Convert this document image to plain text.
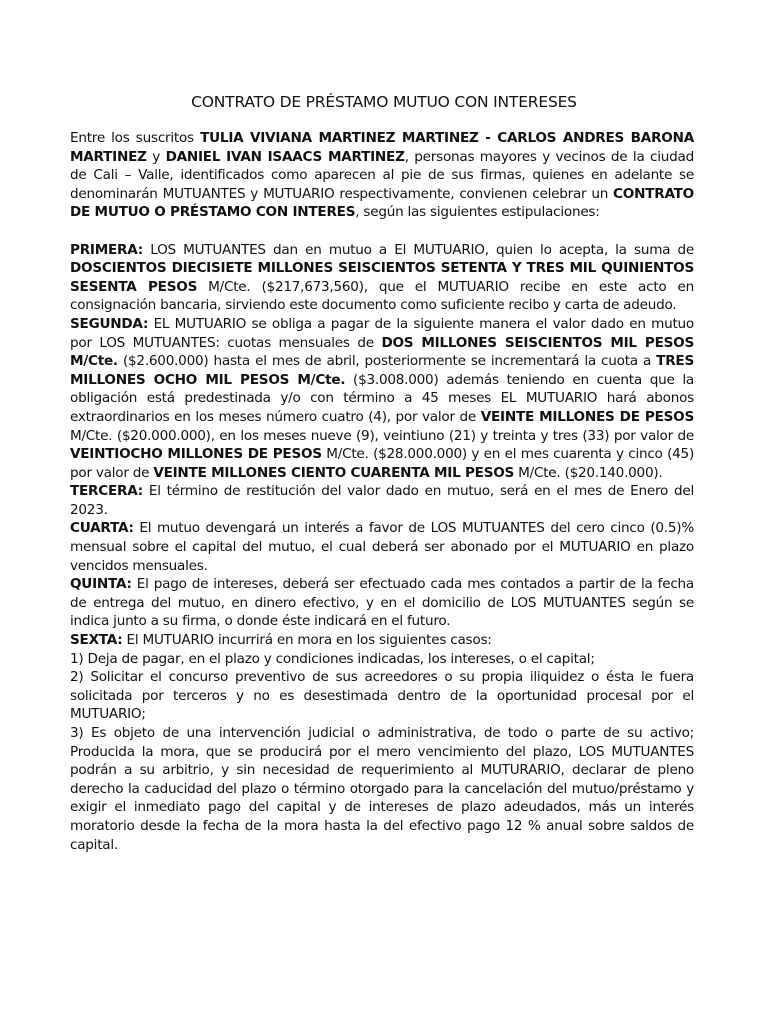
CONTRATO DE PRÉSTAMO MUTUO CON INTERESES

Entre los suscritos TULIA VIVIANA MARTINEZ MARTINEZ - CARLOS ANDRES BARONA MARTINEZ y DANIEL IVAN ISAACS MARTINEZ, personas mayores y vecinos de la ciudad de Cali – Valle, identificados como aparecen al pie de sus firmas, quienes en adelante se denominarán MUTUANTES y MUTUARIO respectivamente, convienen celebrar un CONTRATO DE MUTUO O PRÉSTAMO CON INTERES, según las siguientes estipulaciones:

PRIMERA: LOS MUTUANTES dan en mutuo a El MUTUARIO, quien lo acepta, la suma de DOSCIENTOS DIECISIETE MILLONES SEISCIENTOS SETENTA Y TRES MIL QUINIENTOS SESENTA PESOS M/Cte. ($217,673,560), que el MUTUARIO recibe en este acto en consignación bancaria, sirviendo este documento como suficiente recibo y carta de adeudo.

SEGUNDA: EL MUTUARIO se obliga a pagar de la siguiente manera el valor dado en mutuo por LOS MUTUANTES: cuotas mensuales de DOS MILLONES SEISCIENTOS MIL PESOS M/Cte. ($2.600.000) hasta el mes de abril, posteriormente se incrementará la cuota a TRES MILLONES OCHO MIL PESOS M/Cte. ($3.008.000) además teniendo en cuenta que la obligación está predestinada y/o con término a 45 meses EL MUTUARIO hará abonos extraordinarios en los meses número cuatro (4), por valor de VEINTE MILLONES DE PESOS M/Cte. ($20.000.000), en los meses nueve (9), veintiuno (21) y treinta y tres (33) por valor de VEINTIOCHO MILLONES DE PESOS M/Cte. ($28.000.000) y en el mes cuarenta y cinco (45) por valor de VEINTE MILLONES CIENTO CUARENTA MIL PESOS M/Cte. ($20.140.000).

TERCERA: El término de restitución del valor dado en mutuo, será en el mes de Enero del 2023.

CUARTA: El mutuo devengará un interés a favor de LOS MUTUANTES del cero cinco (0.5)% mensual sobre el capital del mutuo, el cual deberá ser abonado por el MUTUARIO en plazo vencidos mensuales.

QUINTA: El pago de intereses, deberá ser efectuado cada mes contados a partir de la fecha de entrega del mutuo, en dinero efectivo, y en el domicilio de LOS MUTUANTES según se indica junto a su firma, o donde éste indicará en el futuro.

SEXTA: El MUTUARIO incurrirá en mora en los siguientes casos:

1) Deja de pagar, en el plazo y condiciones indicadas, los intereses, o el capital;

2) Solicitar el concurso preventivo de sus acreedores o su propia iliquidez o ésta le fuera solicitada por terceros y no es desestimada dentro de la oportunidad procesal por el MUTUARIO;

3) Es objeto de una intervención judicial o administrativa, de todo o parte de su activo; Producida la mora, que se producirá por el mero vencimiento del plazo, LOS MUTUANTES podrán a su arbitrio, y sin necesidad de requerimiento al MUTURARIO, declarar de pleno derecho la caducidad del plazo o término otorgado para la cancelación del mutuo/préstamo y exigir el inmediato pago del capital y de intereses de plazo adeudados, más un interés moratorio desde la fecha de la mora hasta la del efectivo pago 12 % anual sobre saldos de capital.
